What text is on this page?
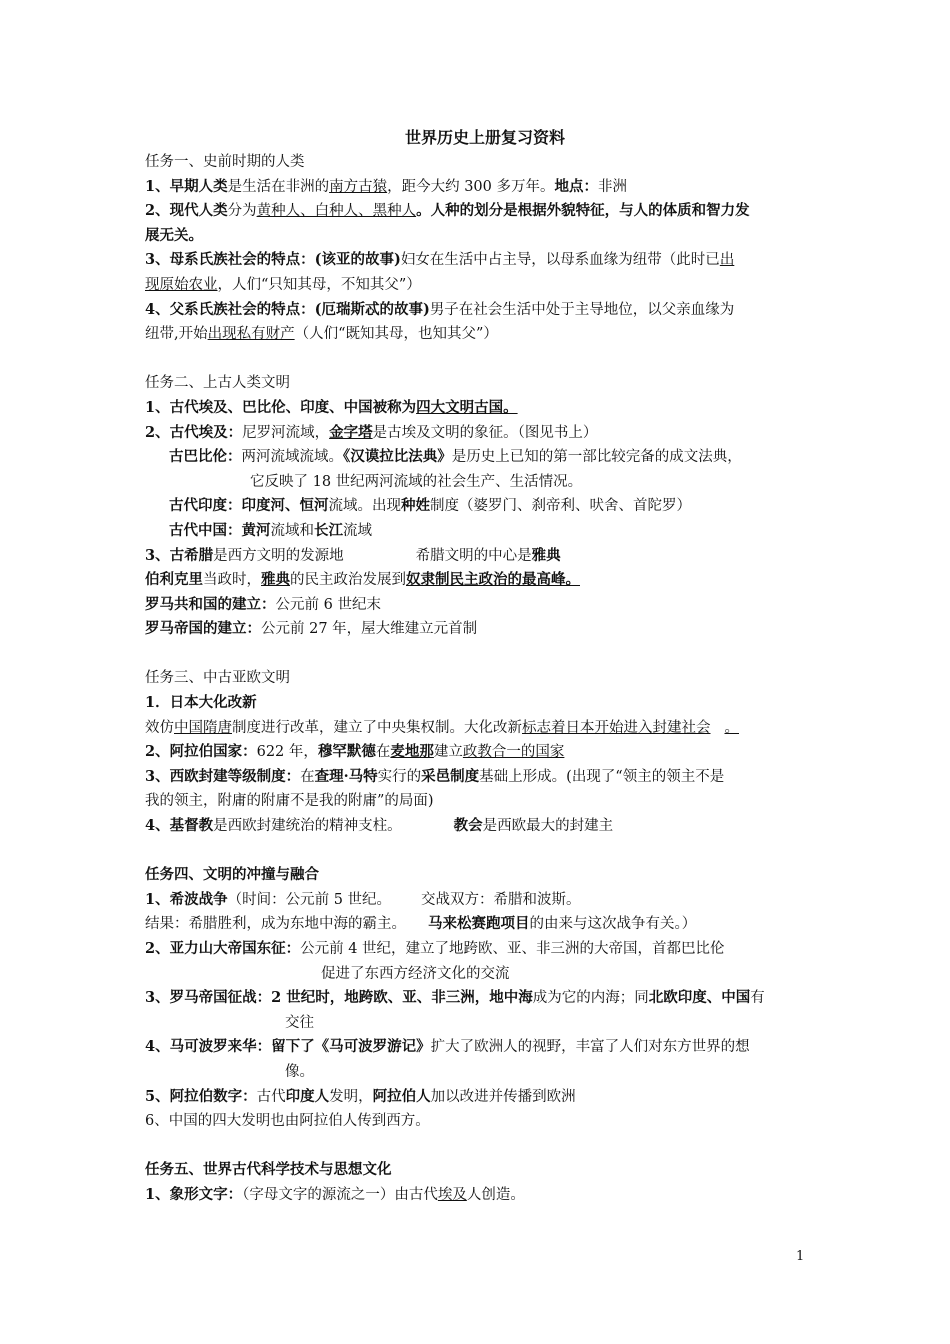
世界历史上册复习资料

任务一、史前时期的人类

1、早期人类是生活在非洲的南方古猿，距今大约 300 多万年。地点：非洲

2、现代人类分为黄种人、白种人、黑种人。人种的划分是根据外貌特征，与人的体质和智力发

展无关。

3、母系氏族社会的特点：(该亚的故事)妇女在生活中占主导，以母系血缘为纽带（此时已出

现原始农业，人们“只知其母，不知其父”）

4、父系氏族社会的特点：(厄瑞斯忒的故事)男子在社会生活中处于主导地位，以父亲血缘为

纽带,开始出现私有财产（人们“既知其母，也知其父”）

任务二、上古人类文明

1、古代埃及、巴比伦、印度、中国被称为四大文明古国。

2、古代埃及：尼罗河流域，金字塔是古埃及文明的象征。（图见书上）

古巴比伦：两河流域流域。《汉谟拉比法典》是历史上已知的第一部比较完备的成文法典，

它反映了 18 世纪两河流域的社会生产、生活情况。

古代印度：印度河、恒河流域。出现种姓制度（婆罗门、刹帝利、吠舍、首陀罗）

古代中国：黄河流域和长江流域

3、古希腊是西方文明的发源地	希腊文明的中心是雅典

伯利克里当政时，雅典的民主政治发展到奴隶制民主政治的最高峰。

罗马共和国的建立：公元前 6 世纪末

罗马帝国的建立：公元前 27 年，屋大维建立元首制

任务三、中古亚欧文明

1．日本大化改新

效仿中国隋唐制度进行改革，建立了中央集权制。大化改新标志着日本开始进入封建社会 。

2、阿拉伯国家：622 年，穆罕默德在麦地那建立政教合一的国家

3、西欧封建等级制度：在查理·马特实行的采邑制度基础上形成。(出现了“领主的领主不是

我的领主，附庸的附庸不是我的附庸”的局面)

4、基督教是西欧封建统治的精神支柱。	教会是西欧最大的封建主

任务四、文明的冲撞与融合

1、希波战争（时间：公元前 5 世纪。 交战双方：希腊和波斯。

结果：希腊胜利，成为东地中海的霸主。 马来松赛跑项目的由来与这次战争有关。）

2、亚力山大帝国东征：公元前 4 世纪，建立了地跨欧、亚、非三洲的大帝国，首都巴比伦

促进了东西方经济文化的交流

3、罗马帝国征战：2 世纪时，地跨欧、亚、非三洲，地中海成为它的内海；同北欧印度、中国有

交往

4、马可波罗来华：留下了《马可波罗游记》扩大了欧洲人的视野，丰富了人们对东方世界的想

像。

5、阿拉伯数字：古代印度人发明，阿拉伯人加以改进并传播到欧洲

6、中国的四大发明也由阿拉伯人传到西方。

任务五、世界古代科学技术与思想文化

1、象形文字：（字母文字的源流之一）由古代埃及人创造。

1
